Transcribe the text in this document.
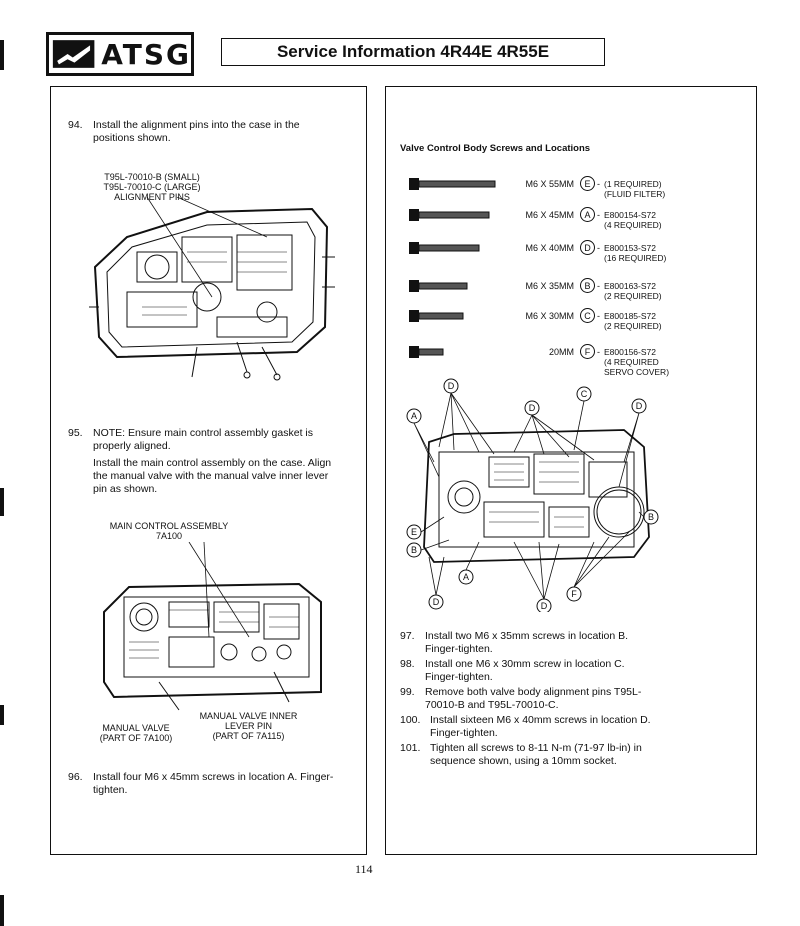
ATSG	Service Information 4R44E 4R55E
94. Install the alignment pins into the case in the positions shown.

T95L-70010-B (SMALL)
T95L-70010-C (LARGE)
ALIGNMENT PINS
95. NOTE: Ensure main control assembly gasket is properly aligned.

Install the main control assembly on the case. Align the manual valve with the manual valve inner lever pin as shown.

MAIN CONTROL ASSEMBLY
7A100
MANUAL VALVE
(PART OF 7A100)
MANUAL VALVE INNER
LEVER PIN
(PART OF 7A115)
96. Install four M6 x 45mm screws in location A. Finger-tighten.

Valve Control Body Screws and Locations
M6 X 55MM	E - (1 REQUIRED)
(FLUID FILTER)
M6 X 45MM	A - E800154-S72
(4 REQUIRED)
M6 X 40MM	D - E800153-S72
(16 REQUIRED)
M6 X 35MM	B - E800163-S72
(2 REQUIRED)
M6 X 30MM	C - E800185-S72
(2 REQUIRED)
20MM	F - E800156-S72
(4 REQUIRED
SERVO COVER)
D
A
C
D	D
E
B
A
D	D
F
B
97. Install two M6 x 35mm screws in location B. Finger-tighten.

98. Install one M6 x 30mm screw in location C. Finger-tighten.

99. Remove both valve body alignment pins T95L-70010-B and T95L-70010-C.

100. Install sixteen M6 x 40mm screws in location D. Finger-tighten.

101. Tighten all screws to 8-11 N-m (71-97 lb-in) in sequence shown, using a 10mm socket.

114
